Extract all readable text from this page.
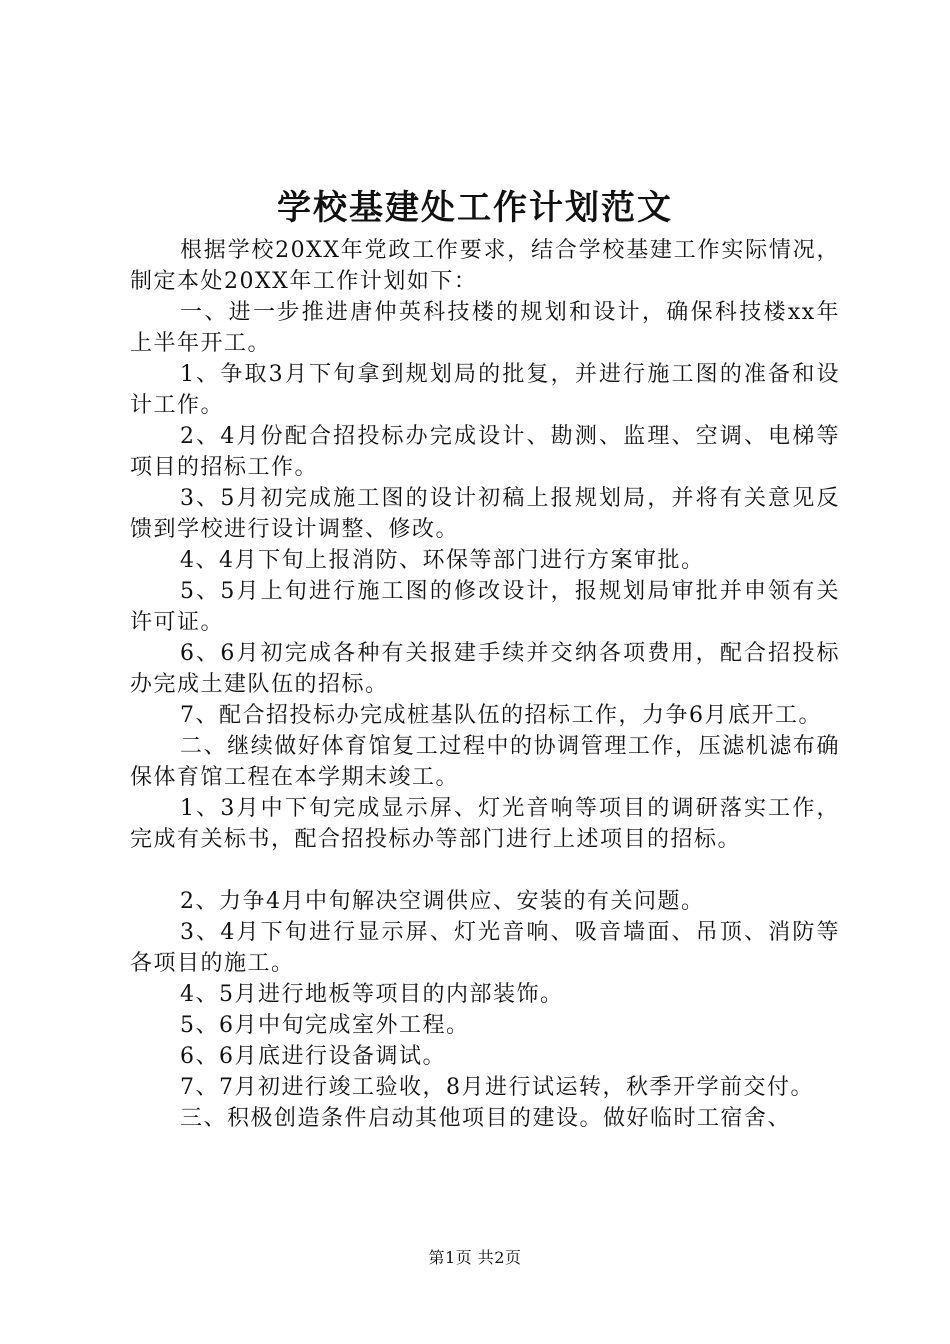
学校基建处工作计划范文

根据学校20XX年党政工作要求，结合学校基建工作实际情况，制定本处20XX年工作计划如下：

一、进一步推进唐仲英科技楼的规划和设计，确保科技楼xx年上半年开工。

1、争取3月下旬拿到规划局的批复，并进行施工图的准备和设计工作。

2、4月份配合招投标办完成设计、勘测、监理、空调、电梯等项目的招标工作。

3、5月初完成施工图的设计初稿上报规划局，并将有关意见反馈到学校进行设计调整、修改。

4、4月下旬上报消防、环保等部门进行方案审批。

5、5月上旬进行施工图的修改设计，报规划局审批并申领有关许可证。

6、6月初完成各种有关报建手续并交纳各项费用，配合招投标办完成土建队伍的招标。

7、配合招投标办完成桩基队伍的招标工作，力争6月底开工。

二、继续做好体育馆复工过程中的协调管理工作，压滤机滤布确保体育馆工程在本学期末竣工。

1、3月中下旬完成显示屏、灯光音响等项目的调研落实工作，完成有关标书，配合招投标办等部门进行上述项目的招标。

2、力争4月中旬解决空调供应、安装的有关问题。

3、4月下旬进行显示屏、灯光音响、吸音墙面、吊顶、消防等各项目的施工。

4、5月进行地板等项目的内部装饰。

5、6月中旬完成室外工程。

6、6月底进行设备调试。

7、7月初进行竣工验收，8月进行试运转，秋季开学前交付。

三、积极创造条件启动其他项目的建设。做好临时工宿舍、

第1页 共2页
